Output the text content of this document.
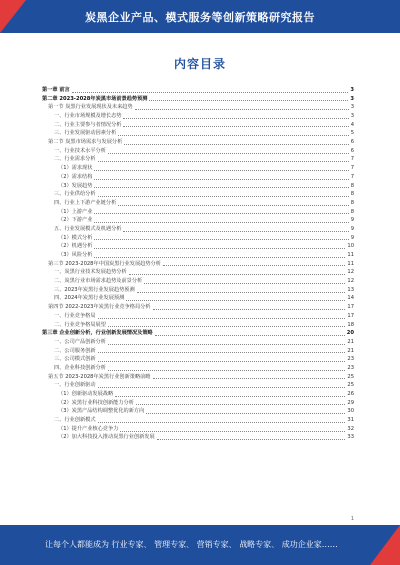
炭黑企业产品、模式服务等创新策略研究报告
内容目录
第一章 前言	3
第二章 2023-2028年炭黑市场前景趋势预测	3
第一节 炭黑行业发展现状及未来趋势	3
一、行业市场规模及增长态势	3
二、行业主要参与者情况分析	4
三、行业发展驱动因素分析	5
第二节 炭黑市场需求与发展分析	6
一、行业技术水平分析	6
二、行业需求分析	7
（1）需求现状	7
（2）需求结构	7
（3）发展趋势	8
三、行业供给分析	8
四、行业上下游产业链分析	8
（1）上游产业	8
（2）下游产业	9
五、行业发展模式及机遇分析	9
（1）模式分析	9
（2）机遇分析	10
（3）风险分析	11
第三节 2023-2028年中国炭黑行业发展趋势分析	11
一、炭黑行业技术发展趋势分析	12
二、炭黑行业市场需求趋势及前景分析	12
三、2023年炭黑行业发展趋势预测	13
四、2024年炭黑行业发展预测	14
第四节 2022-2023年炭黑行业竞争格局分析	17
一、行业竞争格局	17
二、行业竞争格局展望	18
第三章 企业创新分析，行业创新发展情况及策略	20
一、公司产品创新分析	21
二、公司服务创新	21
三、公司模式创新	23
四、企业科技创新分析	23
第五节 2023-2028年炭黑行业创新策略前瞻	25
一、行业创新驱动	25
（1）创新驱动发展战略	26
（2）炭黑行业科技创新能力分析	29
（3）炭黑产品结构调整优化的新方向	30
二、行业创新模式	31
（1）提升产业核心竞争力	32
（2）加大科技投入推动炭黑行业创新发展	33
1
让每个人都能成为 行业专家、 管理专家、 营销专家、 战略专家、 成功企业家……
